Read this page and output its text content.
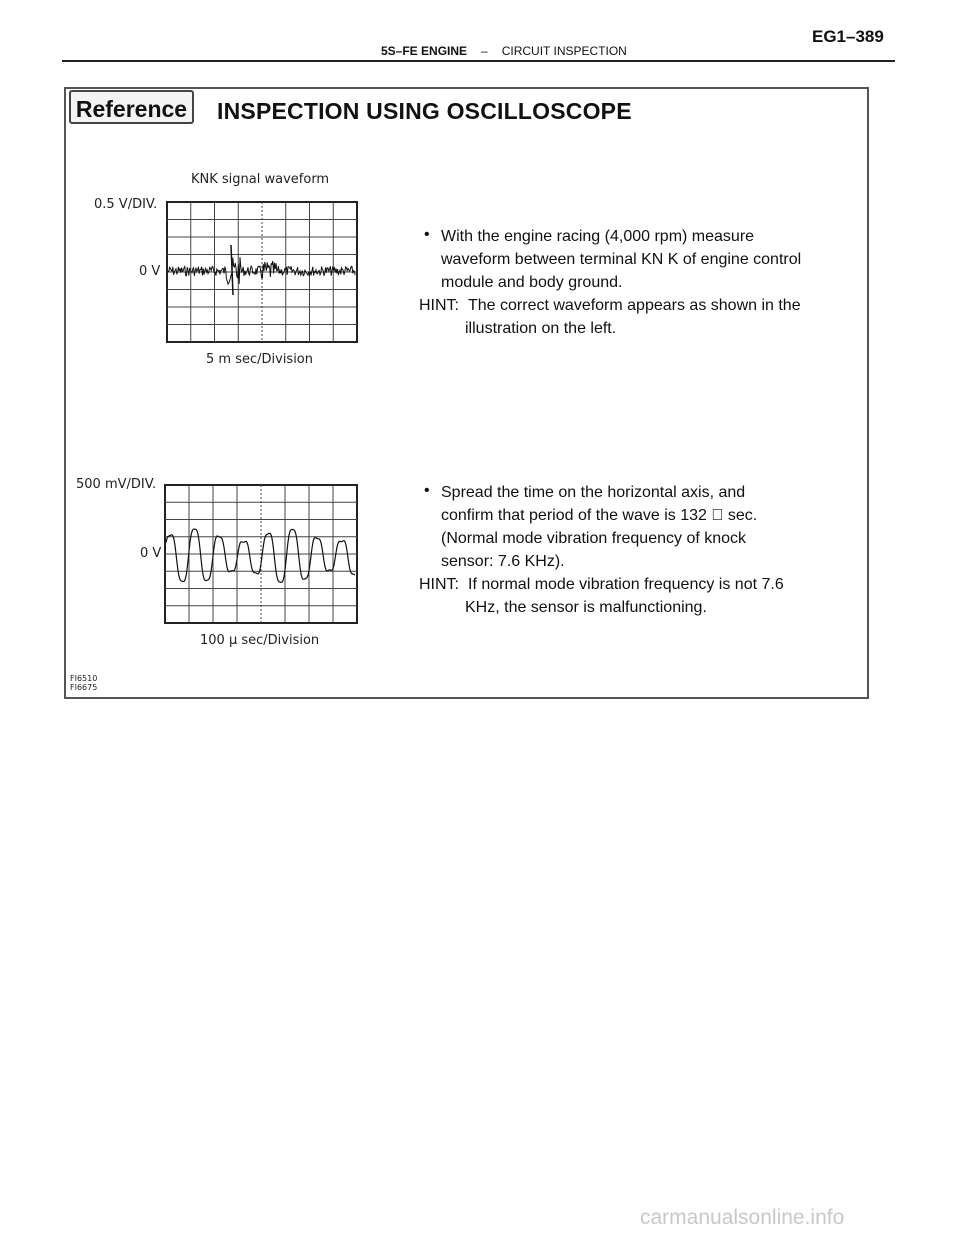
5S–FE ENGINE – CIRCUIT INSPECTION
EG1–389
Reference INSPECTION USING OSCILLOSCOPE
KNK signal waveform
0.5 V/DIV.
0 V
5 m sec/Division
500 mV/DIV.
0 V
100 µ sec/Division
• With the engine racing (4,000 rpm) measure waveform between terminal KN K of engine control module and body ground.
HINT: The correct waveform appears as shown in the
illustration on the left.
• Spread the time on the horizontal axis, and
confirm that period of the wave is 132   sec.
(Normal mode vibration frequency of knock
sensor: 7.6 KHz).
HINT: If normal mode vibration frequency is not 7.6
KHz, the sensor is malfunctioning.
FI6510
FI6675
carmanualsonline.info
